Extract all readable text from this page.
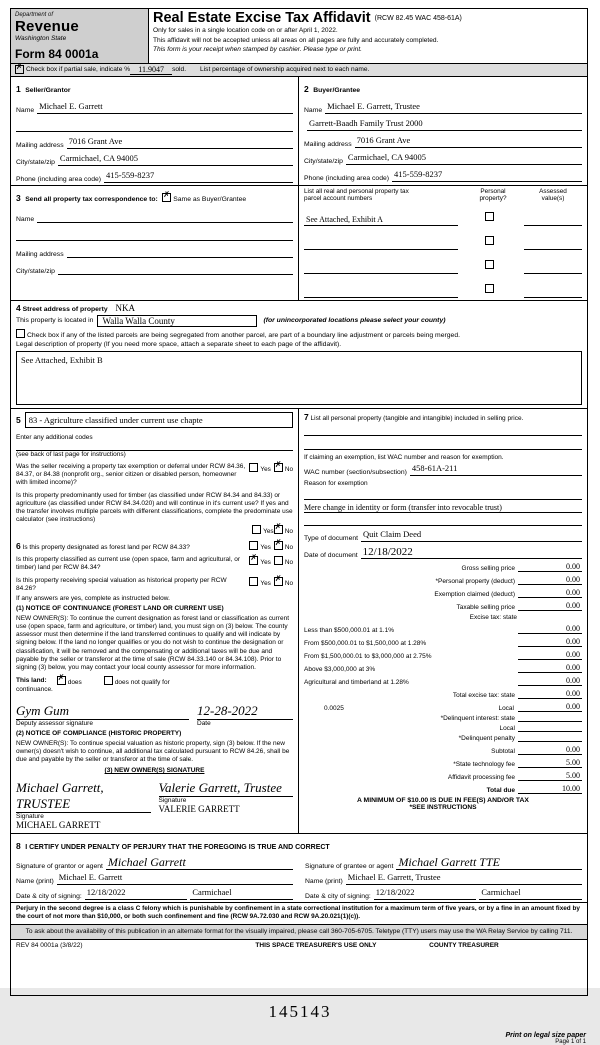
Department of
Revenue
Washington State
Form 84 0001a
Real Estate Excise Tax Affidavit (RCW 82.45 WAC 458-61A)
Only for sales in a single location code on or after April 1, 2022.
This affidavit will not be accepted unless all areas on all pages are fully and accurately completed.
This form is your receipt when stamped by cashier. Please type or print.
✗
Check box if partial sale, indicate %	11.9047	sold. List percentage of ownership acquired next to each name.
1 Seller/Grantor
Name Michael E. Garrett
Mailing address 7016 Grant Ave
City/state/zip Carmichael, CA 94005
Phone (including area code) 415-559-8237
2 Buyer/Grantee
Name Michael E. Garrett, Trustee
Garrett-Baadh Family Trust 2000
Mailing address 7016 Grant Ave
City/state/zip Carmichael, CA 94005
Phone (including area code) 415-559-8237
3 Send all property tax correspondence to: ✗ Same as Buyer/Grantee
Name
Mailing address
City/state/zip
List all real and personal property tax
parcel account numbers
Personal
property?
Assessed
value(s)
See Attached, Exhibit A
4 Street address of property NKA
This property is located in	Walla Walla County	(for unincorporated locations please select your county)
Check box if any of the listed parcels are being segregated from another parcel, are part of a boundary line adjustment or parcels being merged.
Legal description of property (If you need more space, attach a separate sheet to each page of the affidavit).
See Attached, Exhibit B
5 83 - Agriculture classified under current use chapte
Enter any additional codes
(see back of last page for instructions)
Yes ✗ No
Was the seller receiving a property tax exemption or deferral under RCW 84.36, 84.37, or 84.38 (nonprofit org., senior citizen or disabled person, homeowner with limited income)?
Is this property predominantly used for timber (as classified under RCW 84.34 and 84.33) or agriculture (as classified under RCW 84.34.020) and will continue in it's current use? If yes and the transfer involves multiple parcels with different classifications, complete the predominate use calculator (see instructions)
Yes ✗ No
Yes ✗ No
6 Is this property designated as forest land per RCW 84.33?
✗Yes No
Is this property classified as current use (open space, farm and agricultural, or timber) land per RCW 84.34?
Yes ✗ No
Is this property receiving special valuation as historical property per RCW 84.26?
If any answers are yes, complete as instructed below.
(1) NOTICE OF CONTINUANCE (FOREST LAND OR CURRENT USE)
NEW OWNER(S): To continue the current designation as forest land or classification as current use (open space, farm and agriculture, or timber) land, you must sign on (3) below. The county assessor must then determine if the land transferred continues to qualify and will indicate by signing below. If the land no longer qualifies or you do not wish to continue the designation or classification, it will be removed and the compensating or additional taxes will be due and payable by the seller or transferor at the time of sale (RCW 84.33.140 or 84.34.108). Prior to signing (3) below, you may contact your local county assessor for more information.
This land: ✗	does	does not qualify for
continuance.
Gym Gum
Deputy assessor signature
12-28-2022
Date
(2) NOTICE OF COMPLIANCE (HISTORIC PROPERTY)
NEW OWNER(S): To continue special valuation as historic property, sign (3) below. If the new owner(s) doesn't wish to continue, all additional tax calculated pursuant to RCW 84.26, shall be due and payable by the seller or transferor at the time of sale.
(3) NEW OWNER(S) SIGNATURE
Michael Garrett, TRUSTEE
Signature
MICHAEL GARRETT
Valerie Garrett, Trustee
Signature
VALERIE GARRETT
7 List all personal property (tangible and intangible) included in selling price.
If claiming an exemption, list WAC number and reason for exemption.
WAC number (section/subsection) 458-61A-211
Reason for exemption
Mere change in identity or form (transfer into revocable trust)
Type of document Quit Claim Deed
Date of document 12/18/2022
Gross selling price	0.00
*Personal property (deduct)	0.00
Exemption claimed (deduct)	0.00
Taxable selling price	0.00
Excise tax: state
Less than $500,000.01 at 1.1%	0.00
From $500,000.01 to $1,500,000 at 1.28%	0.00
From $1,500,000.01 to $3,000,000 at 2.75%	0.00
Above $3,000,000 at 3%	0.00
Agricultural and timberland at 1.28%	0.00
Total excise tax: state	0.00
0.0025	Local	0.00
*Delinquent interest: state
Local
*Delinquent penalty
Subtotal	0.00
*State technology fee	5.00
Affidavit processing fee	5.00
Total due	10.00
A MINIMUM OF $10.00 IS DUE IN FEE(S) AND/OR TAX
*SEE INSTRUCTIONS
8 I CERTIFY UNDER PENALTY OF PERJURY THAT THE FOREGOING IS TRUE AND CORRECT
Signature of grantor or agent Michael Garrett
Name (print) Michael E. Garrett
Date & city of signing: 12/18/2022	Carmichael
Signature of grantee or agent Michael Garrett TTE
Name (print) Michael E. Garrett, Trustee
Date & city of signing: 12/18/2022	Carmichael
Perjury in the second degree is a class C felony which is punishable by confinement in a state correctional institution for a maximum term of five years, or by a fine in an amount fixed by the court of not more than $10,000, or both such confinement and fine (RCW 9A.72.030 and RCW 9A.20.021(1)(c)).
To ask about the availability of this publication in an alternate format for the visually impaired, please call 360-705-6705. Teletype (TTY) users may use the WA Relay Service by calling 711.
REV 84 0001a (3/8/22)	THIS SPACE TREASURER'S USE ONLY	COUNTY TREASURER
145143
Print on legal size paper
Page 1 of 1
